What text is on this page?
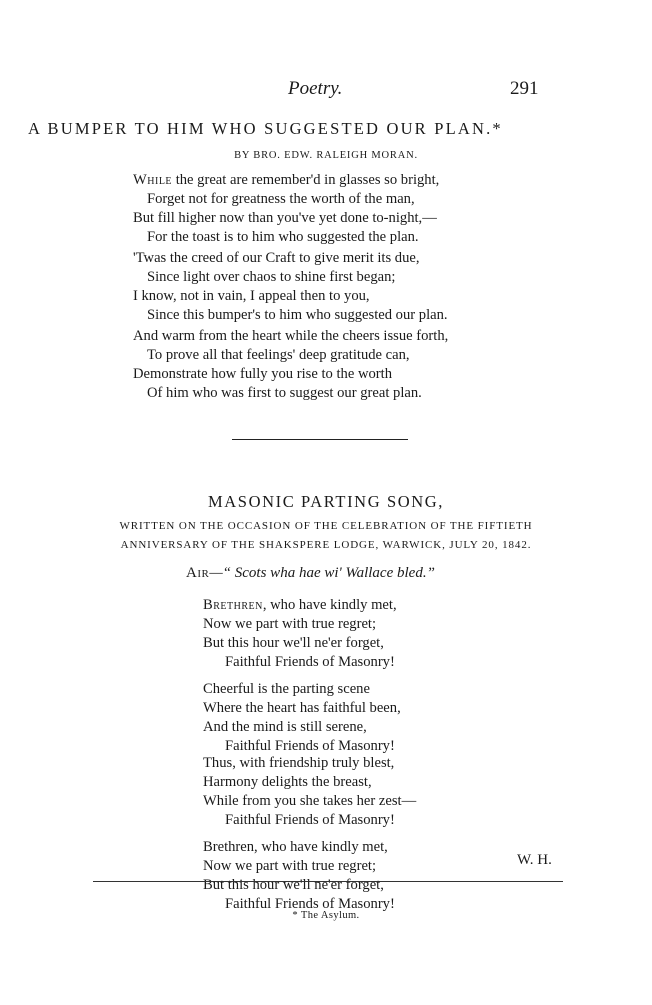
Poetry.	291
A BUMPER TO HIM WHO SUGGESTED OUR PLAN.*
BY BRO. EDW. RALEIGH MORAN.
While the great are remember'd in glasses so bright,
Forget not for greatness the worth of the man,
But fill higher now than you've yet done to-night,—
For the toast is to him who suggested the plan.
'Twas the creed of our Craft to give merit its due,
Since light over chaos to shine first began;
I know, not in vain, I appeal then to you,
Since this bumper's to him who suggested our plan.
And warm from the heart while the cheers issue forth,
To prove all that feelings' deep gratitude can,
Demonstrate how fully you rise to the worth
Of him who was first to suggest our great plan.
MASONIC PARTING SONG,
WRITTEN ON THE OCCASION OF THE CELEBRATION OF THE FIFTIETH
ANNIVERSARY OF THE SHAKSPERE LODGE, WARWICK, JULY 20, 1842.
Air—“ Scots wha hae wi' Wallace bled.”
Brethren, who have kindly met,
Now we part with true regret;
But this hour we'll ne'er forget,
Faithful Friends of Masonry!
Cheerful is the parting scene
Where the heart has faithful been,
And the mind is still serene,
Faithful Friends of Masonry!
Thus, with friendship truly blest,
Harmony delights the breast,
While from you she takes her zest—
Faithful Friends of Masonry!
Brethren, who have kindly met,
Now we part with true regret;
But this hour we'll ne'er forget,
Faithful Friends of Masonry!
W. H.
* The Asylum.
